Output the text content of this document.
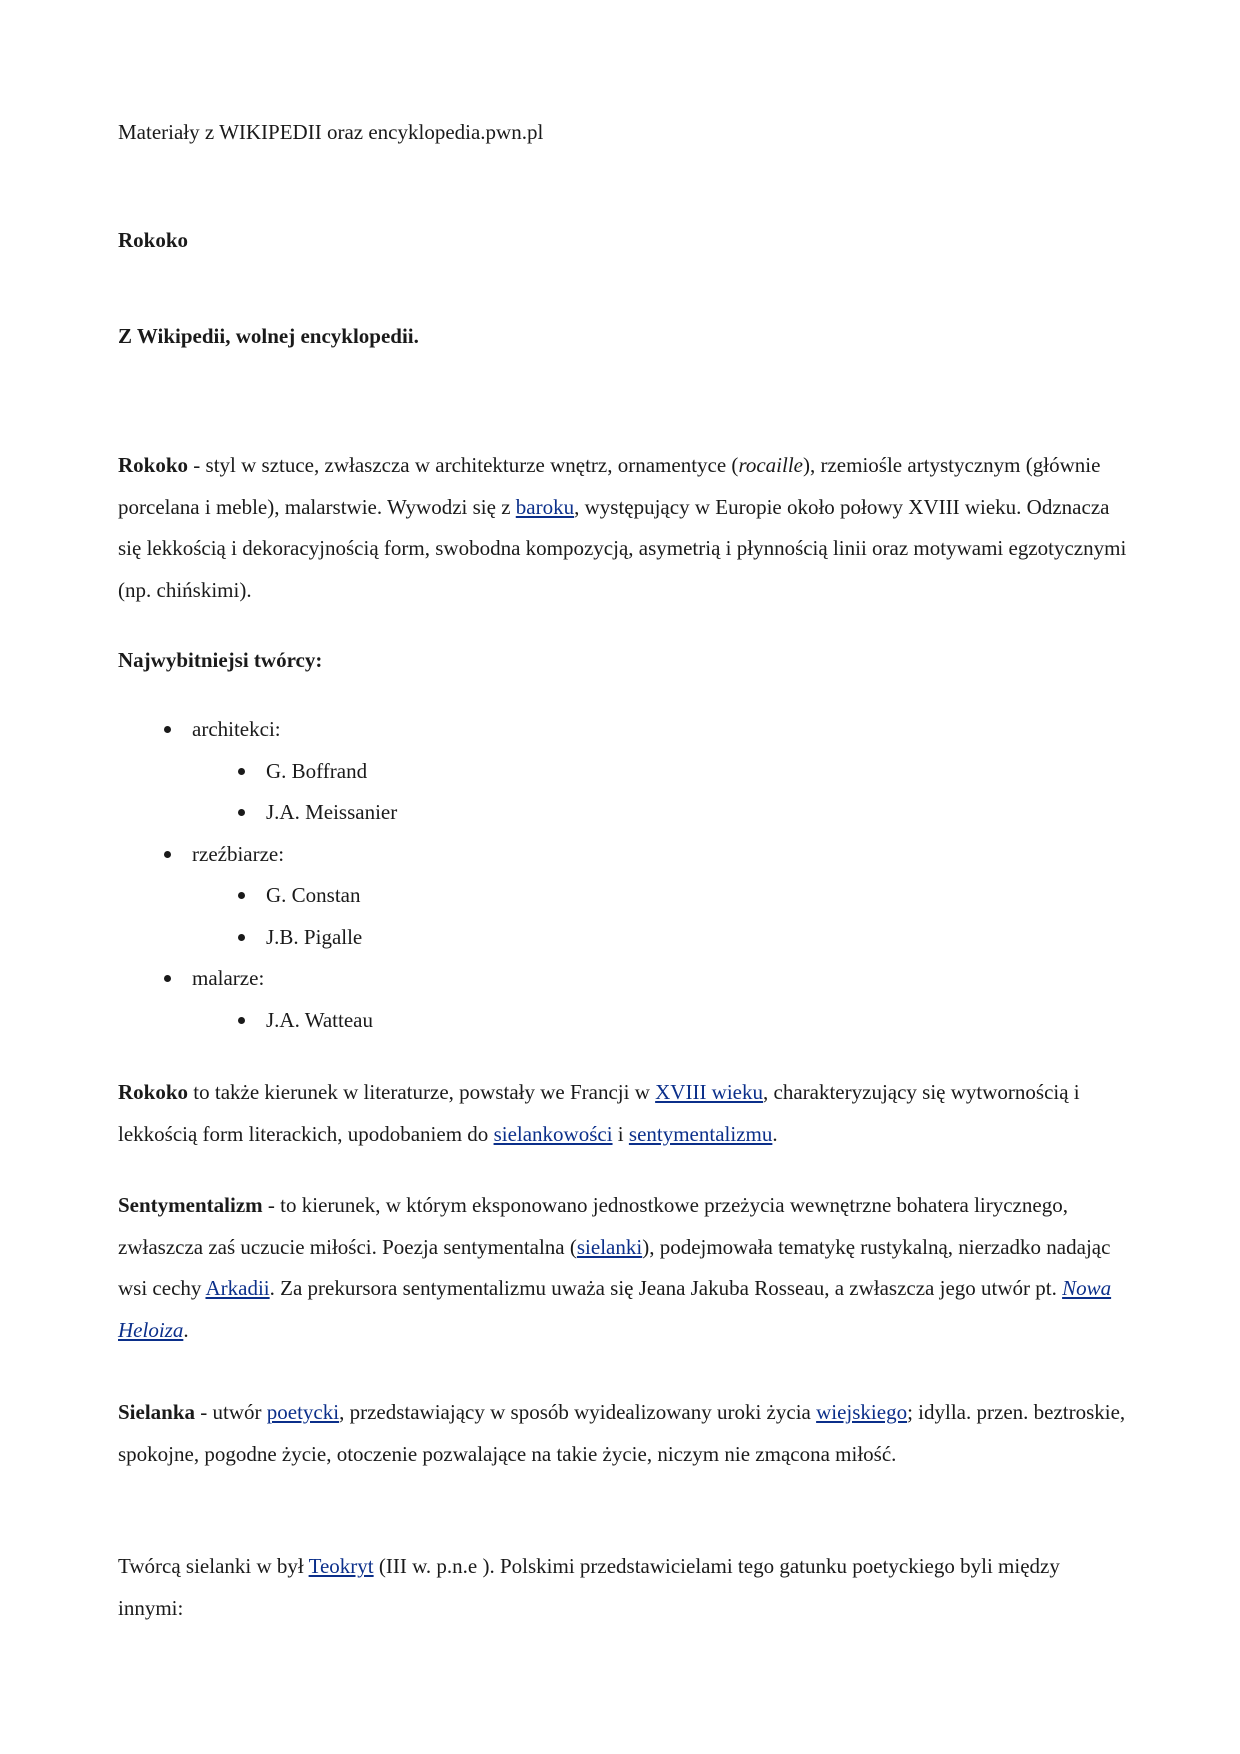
Materiały z WIKIPEDII oraz encyklopedia.pwn.pl

Rokoko

Z Wikipedii, wolnej encyklopedii.

Rokoko - styl w sztuce, zwłaszcza w architekturze wnętrz, ornamentyce (rocaille), rzemiośle artystycznym (głównie porcelana i meble), malarstwie. Wywodzi się z baroku, występujący w Europie około połowy XVIII wieku. Odznacza się lekkością i dekoracyjnością form, swobodna kompozycją, asymetrią i płynnością linii oraz motywami egzotycznymi (np. chińskimi).

Najwybitniejsi twórcy:

architekci:
G. Boffrand
J.A. Meissanier
rzeźbiarze:
G. Constan
J.B. Pigalle
malarze:
J.A. Watteau

Rokoko to także kierunek w literaturze, powstały we Francji w XVIII wieku, charakteryzujący się wytwornością i lekkością form literackich, upodobaniem do sielankowości i sentymentalizmu.

Sentymentalizm - to kierunek, w którym eksponowano jednostkowe przeżycia wewnętrzne bohatera lirycznego, zwłaszcza zaś uczucie miłości. Poezja sentymentalna (sielanki), podejmowała tematykę rustykalną, nierzadko nadając wsi cechy Arkadii. Za prekursora sentymentalizmu uważa się Jeana Jakuba Rosseau, a zwłaszcza jego utwór pt. Nowa Heloiza.

Sielanka - utwór poetycki, przedstawiający w sposób wyidealizowany uroki życia wiejskiego; idylla. przen. beztroskie, spokojne, pogodne życie, otoczenie pozwalające na takie życie, niczym nie zmącona miłość.

Twórcą sielanki w był Teokryt (III w. p.n.e ). Polskimi przedstawicielami tego gatunku poetyckiego byli między innymi:
